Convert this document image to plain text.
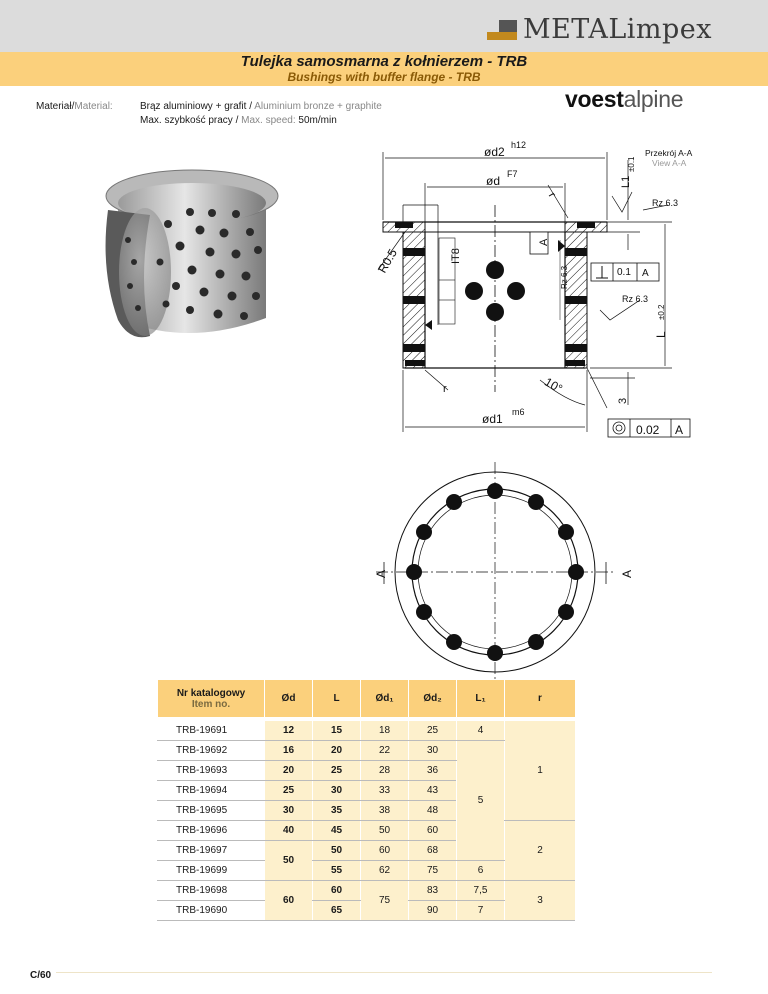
METALimpex
Tulejka samosmarna z kołnierzem - TRB
Bushings with buffer flange - TRB
Materiał/Material:	Brąz aluminiowy + grafit / Aluminium bronze + graphite
Max. szybkość pracy / Max. speed: 50m/min
voestalpine
ød2 h12
ød F7
ød1 m6
Przekrój A-A
View A-A
Rz 6.3
Rz 6.3
Rz 6.3	0.1 A
0.02 A
10°
3
r
r
R0.5	IT8
A
L1
±0.1
L
±0.2
A	A
Nr katalogowy
Item no.	Ød	L	Ød₁	Ød₂	L₁	r
TRB-19691	12	15	18	25	4	1
TRB-19692	16	20	22	30	5	
TRB-19693	20	25	28	36		
TRB-19694	25	30	33	43		
TRB-19695	30	35	38	48		
TRB-19696	40	45	50	60		2
TRB-19697	50	50	60	68		
TRB-19699		55	62	75	6	
TRB-19698	60	60	75	83	7,5	3
TRB-19690		65		90	7	
C/60
